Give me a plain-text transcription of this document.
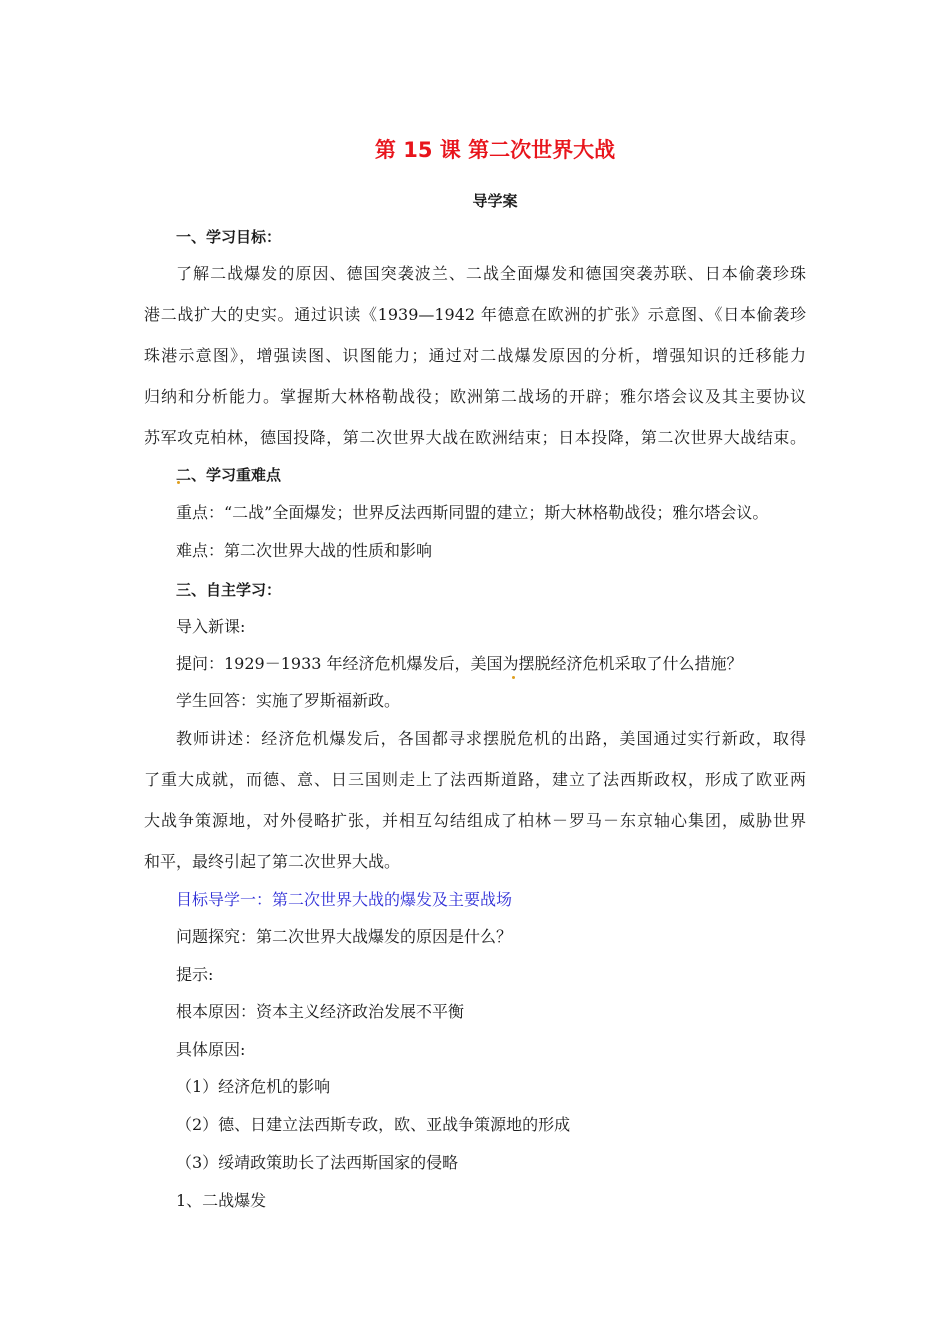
第 15 课 第二次世界大战
导学案
一、学习目标：
了解二战爆发的原因、德国突袭波兰、二战全面爆发和德国突袭苏联、日本偷袭珍珠
港二战扩大的史实。通过识读《1939—1942 年德意在欧洲的扩张》示意图、《日本偷袭珍
珠港示意图》，增强读图、识图能力；通过对二战爆发原因的分析，增强知识的迁移能力
归纳和分析能力。掌握斯大林格勒战役；欧洲第二战场的开辟；雅尔塔会议及其主要协议
苏军攻克柏林，德国投降，第二次世界大战在欧洲结束；日本投降，第二次世界大战结束。
二、学习重难点
重点：“二战”全面爆发；世界反法西斯同盟的建立；斯大林格勒战役；雅尔塔会议。
难点：第二次世界大战的性质和影响
三、自主学习：
导入新课:
提问：1929－1933 年经济危机爆发后，美国为摆脱经济危机采取了什么措施？
学生回答：实施了罗斯福新政。
教师讲述：经济危机爆发后，各国都寻求摆脱危机的出路，美国通过实行新政，取得
了重大成就，而德、意、日三国则走上了法西斯道路，建立了法西斯政权，形成了欧亚两
大战争策源地，对外侵略扩张，并相互勾结组成了柏林－罗马－东京轴心集团，威胁世界
和平，最终引起了第二次世界大战。
目标导学一：第二次世界大战的爆发及主要战场
问题探究：第二次世界大战爆发的原因是什么？
提示:
根本原因：资本主义经济政治发展不平衡
具体原因:
（1）经济危机的影响
（2）德、日建立法西斯专政，欧、亚战争策源地的形成
（3）绥靖政策助长了法西斯国家的侵略
1、二战爆发
